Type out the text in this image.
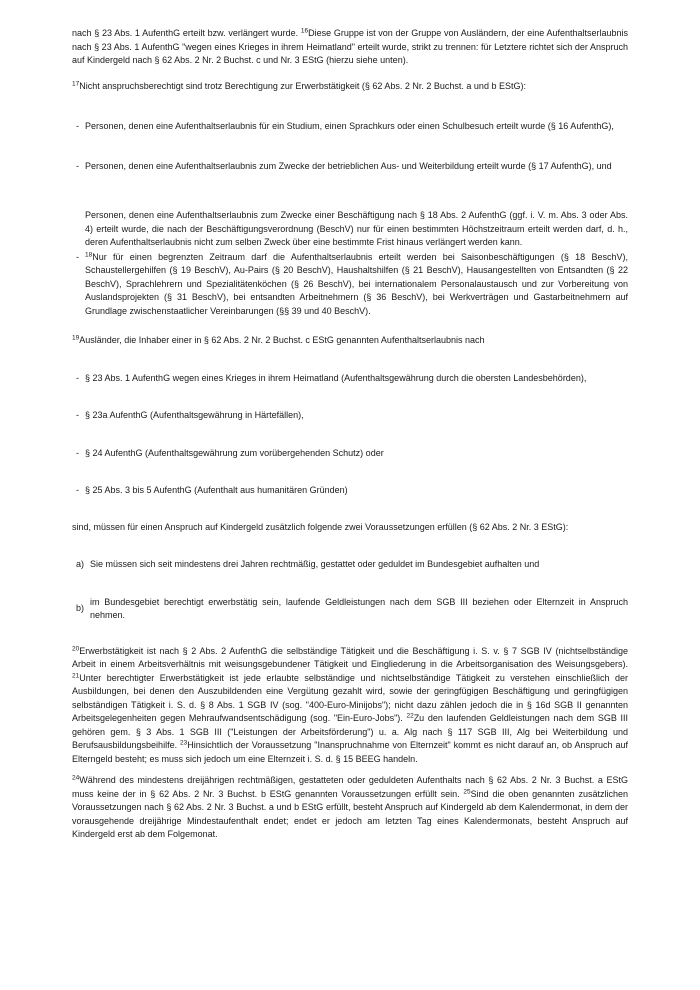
nach § 23 Abs. 1 AufenthG erteilt bzw. verlängert wurde. $^{16}$Diese Gruppe ist von der Gruppe von Ausländern, der eine Aufenthaltserlaubnis nach § 23 Abs. 1 AufenthG "wegen eines Krieges in ihrem Heimatland" erteilt wurde, strikt zu trennen: für Letztere richtet sich der Anspruch auf Kindergeld nach § 62 Abs. 2 Nr. 2 Buchst. c und Nr. 3 EStG (hierzu siehe unten).
$^{17}$Nicht anspruchsberechtigt sind trotz Berechtigung zur Erwerbstätigkeit (§ 62 Abs. 2 Nr. 2 Buchst. a und b EStG):
- Personen, denen eine Aufenthaltserlaubnis für ein Studium, einen Sprachkurs oder einen Schulbesuch erteilt wurde (§ 16 AufenthG),
- Personen, denen eine Aufenthaltserlaubnis zum Zwecke der betrieblichen Aus- und Weiterbildung erteilt wurde (§ 17 AufenthG), und
Personen, denen eine Aufenthaltserlaubnis zum Zwecke einer Beschäftigung nach § 18 Abs. 2 AufenthG (ggf. i. V. m. Abs. 3 oder Abs. 4) erteilt wurde, die nach der Beschäftigungsverordnung (BeschV) nur für einen bestimmten Höchstzeitraum erteilt werden darf, d. h., deren Aufenthaltserlaubnis nicht zum selben Zweck über eine bestimmte Frist hinaus verlängert werden kann.
- $^{18}$Nur für einen begrenzten Zeitraum darf die Aufenthaltserlaubnis erteilt werden bei Saisonbeschäftigungen (§ 18 BeschV), Schaustellergehilfen (§ 19 BeschV), Au-Pairs (§ 20 BeschV), Haushaltshilfen (§ 21 BeschV), Hausangestellten von Entsandten (§ 22 BeschV), Sprachlehrern und Spezialitätenköchen (§ 26 BeschV), bei internationalem Personalaustausch und zur Vorbereitung von Auslandsprojekten (§ 31 BeschV), bei entsandten Arbeitnehmern (§ 36 BeschV), bei Werkverträgen und Gastarbeitnehmern auf Grundlage zwischenstaatlicher Vereinbarungen (§§ 39 und 40 BeschV).
$^{19}$Ausländer, die Inhaber einer in § 62 Abs. 2 Nr. 2 Buchst. c EStG genannten Aufenthaltserlaubnis nach
- § 23 Abs. 1 AufenthG wegen eines Krieges in ihrem Heimatland (Aufenthaltsgewährung durch die obersten Landesbehörden),
- § 23a AufenthG (Aufenthaltsgewährung in Härtefällen),
- § 24 AufenthG (Aufenthaltsgewährung zum vorübergehenden Schutz) oder
- § 25 Abs. 3 bis 5 AufenthG (Aufenthalt aus humanitären Gründen)
sind, müssen für einen Anspruch auf Kindergeld zusätzlich folgende zwei Voraussetzungen erfüllen (§ 62 Abs. 2 Nr. 3 EStG):
a) Sie müssen sich seit mindestens drei Jahren rechtmäßig, gestattet oder geduldet im Bundesgebiet aufhalten und
b)
im Bundesgebiet berechtigt erwerbstätig sein, laufende Geldleistungen nach dem SGB III beziehen oder Elternzeit in Anspruch nehmen.
$^{20}$Erwerbstätigkeit ist nach § 2 Abs. 2 AufenthG die selbständige Tätigkeit und die Beschäftigung i. S. v. § 7 SGB IV (nichtselbständige Arbeit in einem Arbeitsverhältnis mit weisungsgebundener Tätigkeit und Eingliederung in die Arbeitsorganisation des Weisungsgebers). $^{21}$Unter berechtigter Erwerbstätigkeit ist jede erlaubte selbständige und nichtselbständige Tätigkeit zu verstehen einschließlich der Ausbildungen, bei denen den Auszubildenden eine Vergütung gezahlt wird, sowie der geringfügigen Beschäftigung und geringfügigen selbständigen Tätigkeit i. S. d. § 8 Abs. 1 SGB IV (sog. "400-Euro-Minijobs"); nicht dazu zählen jedoch die in § 16d SGB II genannten Arbeitsgelegenheiten gegen Mehraufwandsentschädigung (sog. "Ein-Euro-Jobs"). $^{22}$Zu den laufenden Geldleistungen nach dem SGB III gehören gem. § 3 Abs. 1 SGB III ("Leistungen der Arbeitsförderung") u. a. Alg nach § 117 SGB III, Alg bei Weiterbildung und Berufsausbildungsbeihilfe. $^{23}$Hinsichtlich der Voraussetzung "Inanspruchnahme von Elternzeit" kommt es nicht darauf an, ob Anspruch auf Elterngeld besteht; es muss sich jedoch um eine Elternzeit i. S. d. § 15 BEEG handeln.
$^{24}$Während des mindestens dreijährigen rechtmäßigen, gestatteten oder geduldeten Aufenthalts nach § 62 Abs. 2 Nr. 3 Buchst. a EStG muss keine der in § 62 Abs. 2 Nr. 3 Buchst. b EStG genannten Voraussetzungen erfüllt sein. $^{25}$Sind die oben genannten zusätzlichen Voraussetzungen nach § 62 Abs. 2 Nr. 3 Buchst. a und b EStG erfüllt, besteht Anspruch auf Kindergeld ab dem Kalendermonat, in dem der vorausgehende dreijährige Mindestaufenthalt endet; endet er jedoch am letzten Tag eines Kalendermonats, besteht Anspruch auf Kindergeld erst ab dem Folgemonat.
